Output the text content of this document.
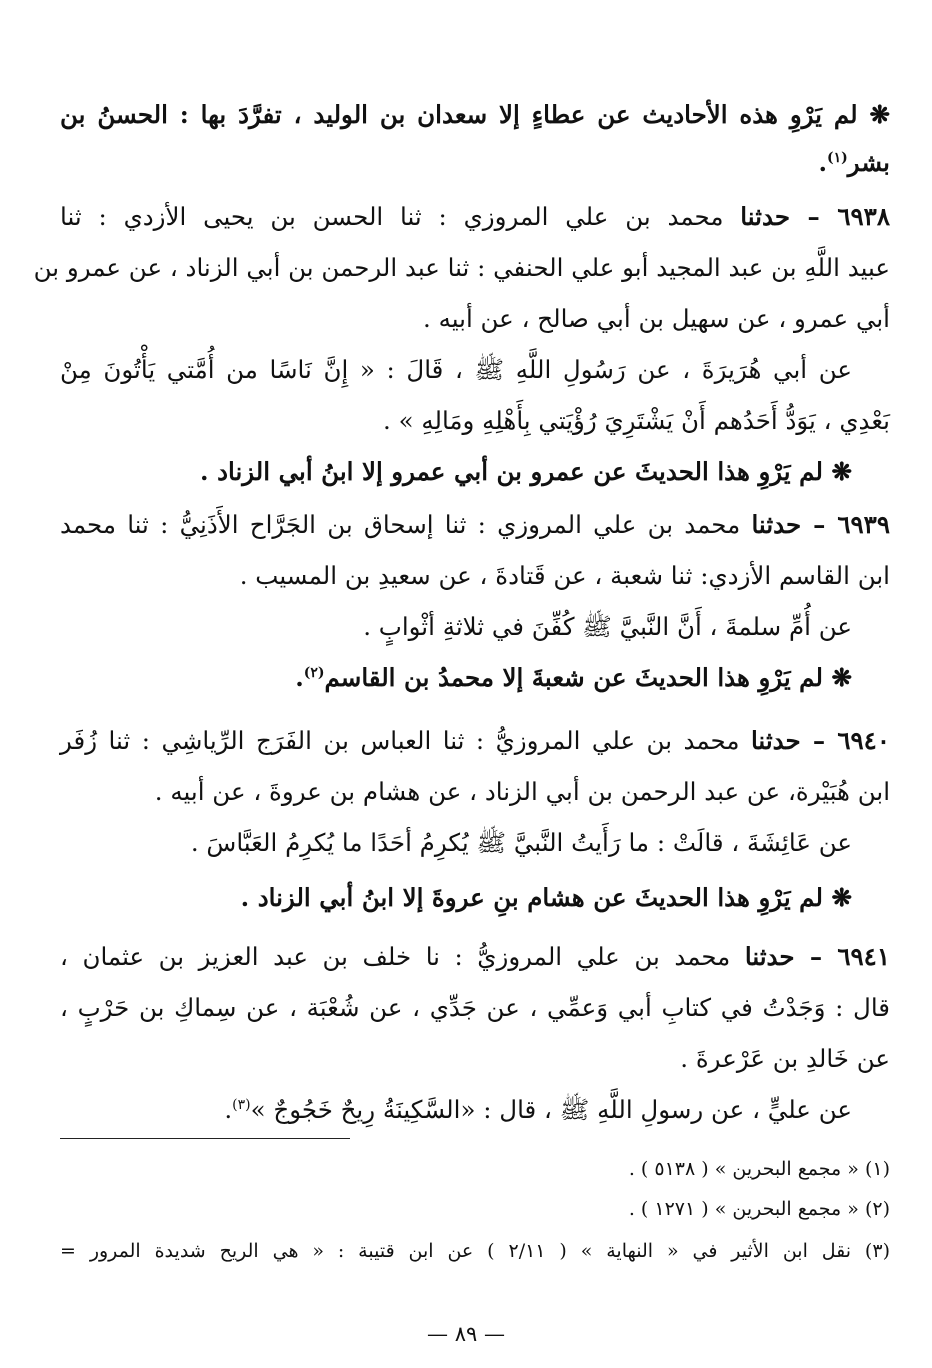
❋ لم يَرْوِ هذه الأحاديث عن عطاءٍ إلا سعدان بن الوليد ، تفرَّدَ بها : الحسنُ بن
بشر$^{(١)}$.
٦٩٣٨ – حدثنا محمد بن علي المروزي : ثنا الحسن بن يحيى الأزدي : ثنا
عبيد اللَّهِ بن عبد المجيد أبو علي الحنفي : ثنا عبد الرحمن بن أبي الزناد ، عن عمرو بن
أبي عمرو ، عن سهيل بن أبي صالح ، عن أبيه .
عن أبي هُرَيرَةَ ، عن رَسُولِ اللَّهِ ﷺ ، قَالَ : « إِنَّ نَاسًا من أُمَّتي يَأْتُونَ مِنْ
بَعْدِي ، يَوَدُّ أَحَدُهم أَنْ يَشْتَرِيَ رُؤْيَتي بِأَهْلِهِ ومَالِهِ » .
❋ لم يَرْوِ هذا الحديثَ عن عمرو بن أبي عمرو إلا ابنُ أبي الزناد .
٦٩٣٩ – حدثنا محمد بن علي المروزي : ثنا إسحاق بن الجَرَّاح الأَذَنِيُّ : ثنا محمد
ابن القاسم الأزدي: ثنا شعبة ، عن قَتادةَ ، عن سعيدِ بن المسيب .
عن أُمِّ سلمةَ ، أَنَّ النَّبيَّ ﷺ كُفِّنَ في ثلاثةِ أثْوابٍ .
❋ لم يَرْوِ هذا الحديثَ عن شعبةَ إلا محمدُ بن القاسم$^{(٢)}$.
٦٩٤٠ – حدثنا محمد بن علي المروزيُّ : ثنا العباس بن الفَرَج الرِّياشِي : ثنا زُفَر
ابن هُبَيْرة، عن عبد الرحمن بن أبي الزناد ، عن هشام بن عروةَ ، عن أبيه .
عن عَائِشَةَ ، قالَتْ : ما رَأَيتُ النَّبيَّ ﷺ يُكرِمُ أحَدًا ما يُكرِمُ العَبَّاسَ .
❋ لم يَرْوِ هذا الحديثَ عن هشام بنِ عروةَ إلا ابنُ أبي الزناد .
٦٩٤١ – حدثنا محمد بن علي المروزيُّ : نا خلف بن عبد العزيز بن عثمان ،
قال : وَجَدْتُ في كتابِ أبي وَعمِّي ، عن جَدِّي ، عن شُعْبَة ، عن سِماكِ بن حَرْبٍ ،
عن خَالدِ بن عَرْعرةَ .
عن عليٍّ ، عن رسولِ اللَّهِ ﷺ ، قال : «السَّكِينَةُ رِيحٌ خَجُوجٌ »$^{(٣)}$.
(١) « مجمع البحرين » ( ٥١٣٨ ) .
(٢) « مجمع البحرين » ( ١٢٧١ ) .
(٣) نقل ابن الأثير في « النهاية » ( ٢/١١ ) عن ابن قتيبة : « هي الريح شديدة المرور =
— ٨٩ —
